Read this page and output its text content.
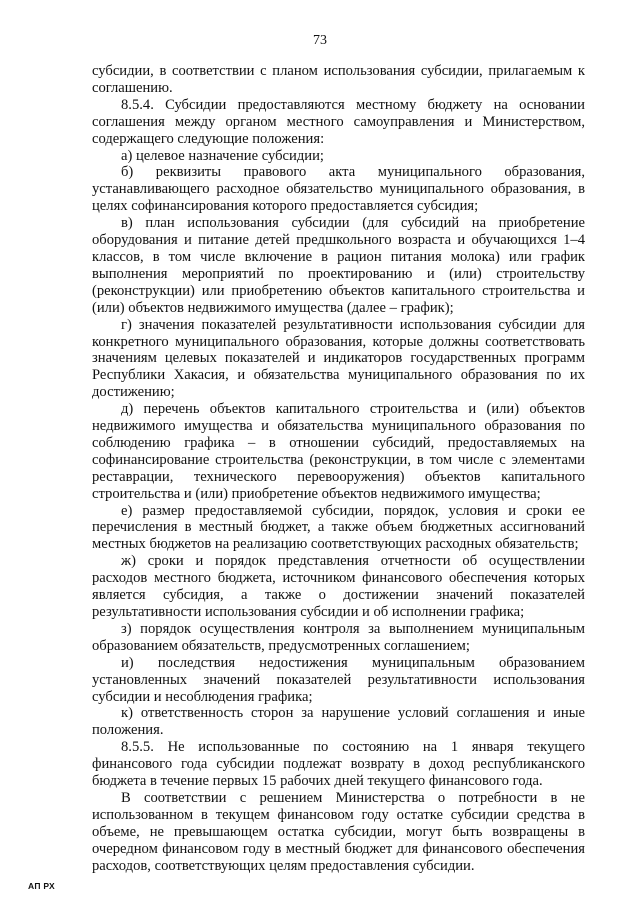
73

субсидии, в соответствии с планом использования субсидии, прилагаемым к соглашению.

8.5.4. Субсидии предоставляются местному бюджету на основании соглашения между органом местного самоуправления и Министерством, содержащего следующие положения:

а) целевое назначение субсидии;

б) реквизиты правового акта муниципального образования, устанавливающего расходное обязательство муниципального образования, в целях софинансирования которого предоставляется субсидия;

в) план использования субсидии (для субсидий на приобретение оборудования и питание детей предшкольного возраста и обучающихся 1–4 классов, в том числе включение в рацион питания молока) или график выполнения мероприятий по проектированию и (или) строительству (реконструкции) или приобретению объектов капитального строительства и (или) объектов недвижимого имущества (далее – график);

г) значения показателей результативности использования субсидии для конкретного муниципального образования, которые должны соответствовать значениям целевых показателей и индикаторов государственных программ Республики Хакасия, и обязательства муниципального образования по их достижению;

д) перечень объектов капитального строительства и (или) объектов недвижимого имущества и обязательства муниципального образования по соблюдению графика – в отношении субсидий, предоставляемых на софинансирование строительства (реконструкции, в том числе с элементами реставрации, технического перевооружения) объектов капитального строительства и (или) приобретение объектов недвижимого имущества;

е) размер предоставляемой субсидии, порядок, условия и сроки ее перечисления в местный бюджет, а также объем бюджетных ассигнований местных бюджетов на реализацию соответствующих расходных обязательств;

ж) сроки и порядок представления отчетности об осуществлении расходов местного бюджета, источником финансового обеспечения которых является субсидия, а также о достижении значений показателей результативности использования субсидии и об исполнении графика;

з) порядок осуществления контроля за выполнением муниципальным образованием обязательств, предусмотренных соглашением;

и) последствия недостижения муниципальным образованием установленных значений показателей результативности использования субсидии и несоблюдения графика;

к) ответственность сторон за нарушение условий соглашения и иные положения.

8.5.5. Не использованные по состоянию на 1 января текущего финансового года субсидии подлежат возврату в доход республиканского бюджета в течение первых 15 рабочих дней текущего финансового года.

В соответствии с решением Министерства о потребности в не использованном в текущем финансовом году остатке субсидии средства в объеме, не превышающем остатка субсидии, могут быть возвращены в очередном финансовом году в местный бюджет для финансового обеспечения расходов, соответствующих целям предоставления субсидии.

АП РХ
